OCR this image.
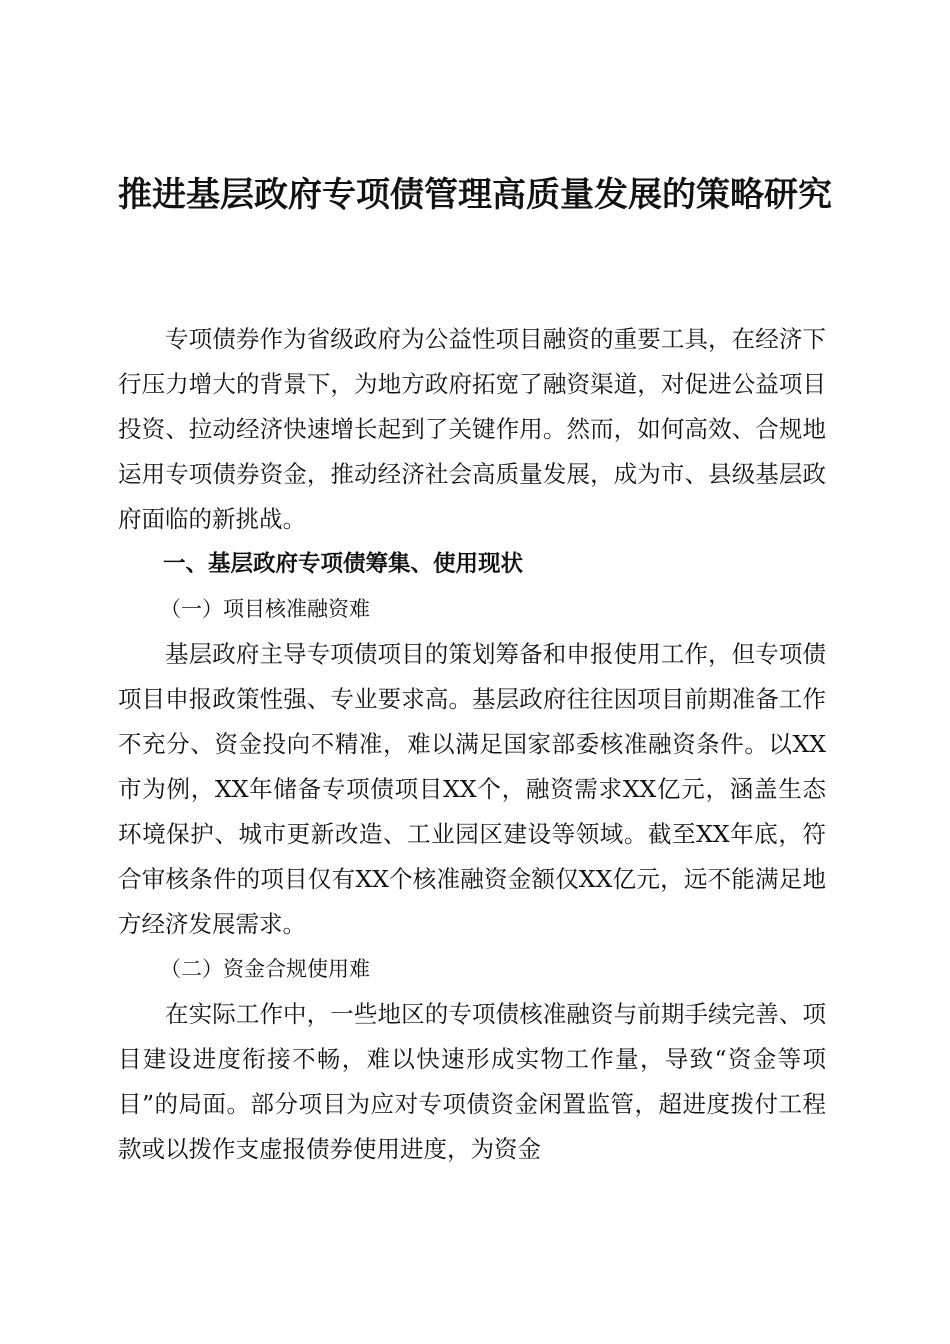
推进基层政府专项债管理高质量发展的策略研究

专项债券作为省级政府为公益性项目融资的重要工具，在经济下行压力增大的背景下，为地方政府拓宽了融资渠道，对促进公益项目投资、拉动经济快速增长起到了关键作用。然而，如何高效、合规地运用专项债券资金，推动经济社会高质量发展，成为市、县级基层政府面临的新挑战。

一、基层政府专项债筹集、使用现状
（一）项目核准融资难

基层政府主导专项债项目的策划筹备和申报使用工作，但专项债项目申报政策性强、专业要求高。基层政府往往因项目前期准备工作不充分、资金投向不精准，难以满足国家部委核准融资条件。以XX市为例，XX年储备专项债项目XX个，融资需求XX亿元，涵盖生态环境保护、城市更新改造、工业园区建设等领域。截至XX年底，符合审核条件的项目仅有XX个核准融资金额仅XX亿元，远不能满足地方经济发展需求。

（二）资金合规使用难

在实际工作中，一些地区的专项债核准融资与前期手续完善、项目建设进度衔接不畅，难以快速形成实物工作量，导致“资金等项目”的局面。部分项目为应对专项债资金闲置监管，超进度拨付工程款或以拨作支虚报债券使用进度，为资金
